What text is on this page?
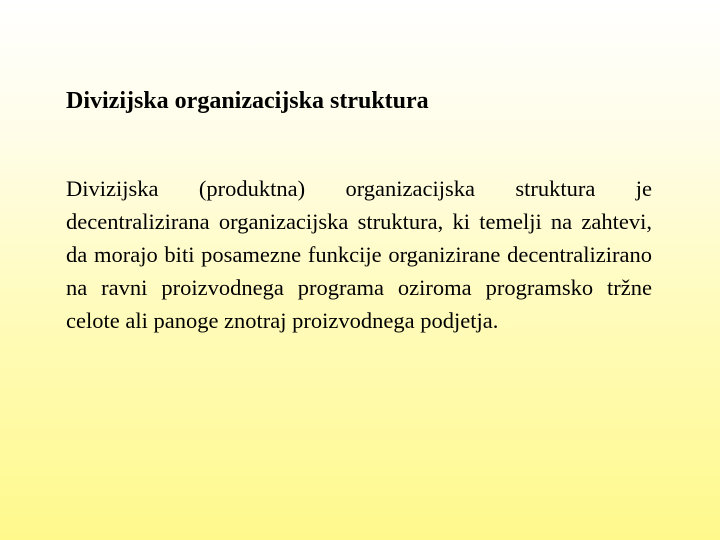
Divizijska organizacijska struktura

Divizijska (produktna) organizacijska struktura je decentralizirana organizacijska struktura, ki temelji na zahtevi, da morajo biti posamezne funkcije organizirane decentralizirano na ravni proizvodnega programa oziroma programsko tržne celote ali panoge znotraj proizvodnega podjetja.
